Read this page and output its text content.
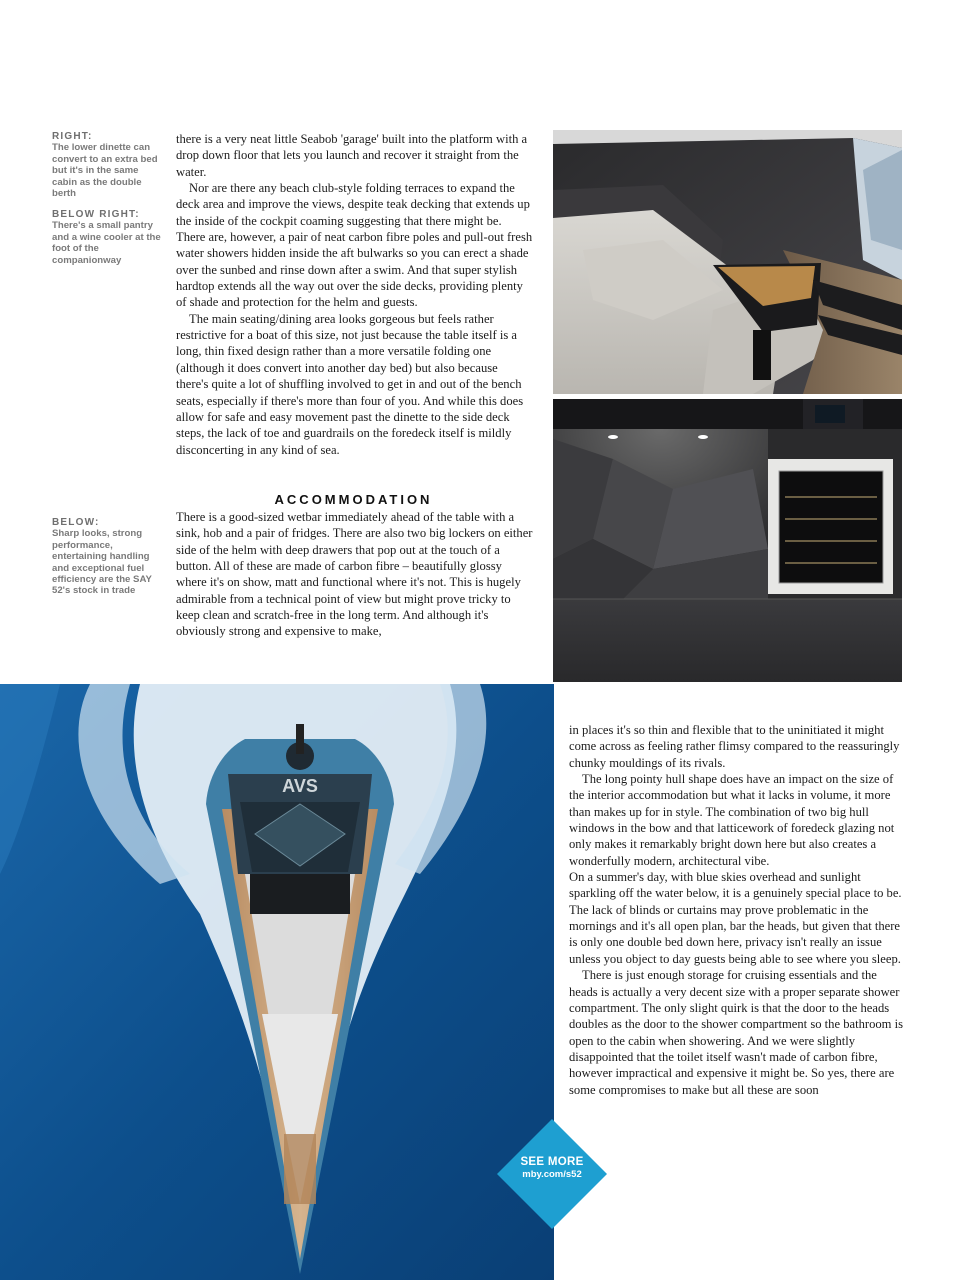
RIGHT:
The lower dinette can convert to an extra bed but it's in the same cabin as the double berth
BELOW RIGHT:
There's a small pantry and a wine cooler at the foot of the companionway
BELOW:
Sharp looks, strong performance, entertaining handling and exceptional fuel efficiency are the SAY 52's stock in trade

there is a very neat little Seabob 'garage' built into the platform with a drop down floor that lets you launch and recover it straight from the water.

Nor are there any beach club-style folding terraces to expand the deck area and improve the views, despite teak decking that extends up the inside of the cockpit coaming suggesting that there might be. There are, however, a pair of neat carbon fibre poles and pull-out fresh water showers hidden inside the aft bulwarks so you can erect a shade over the sunbed and rinse down after a swim. And that super stylish hardtop extends all the way out over the side decks, providing plenty of shade and protection for the helm and guests.

The main seating/dining area looks gorgeous but feels rather restrictive for a boat of this size, not just because the table itself is a long, thin fixed design rather than a more versatile folding one (although it does convert into another day bed) but also because there's quite a lot of shuffling involved to get in and out of the bench seats, especially if there's more than four of you. And while this does allow for safe and easy movement past the dinette to the side deck steps, the lack of toe and guardrails on the foredeck itself is mildly disconcerting in any kind of sea.

ACCOMMODATION

There is a good-sized wetbar immediately ahead of the table with a sink, hob and a pair of fridges. There are also two big lockers on either side of the helm with deep drawers that pop out at the touch of a button. All of these are made of carbon fibre – beautifully glossy where it's on show, matt and functional where it's not. This is hugely admirable from a technical point of view but might prove tricky to keep clean and scratch-free in the long term. And although it's obviously strong and expensive to make,

in places it's so thin and flexible that to the uninitiated it might come across as feeling rather flimsy compared to the reassuringly chunky mouldings of its rivals.

The long pointy hull shape does have an impact on the size of the interior accommodation but what it lacks in volume, it more than makes up for in style. The combination of two big hull windows in the bow and that latticework of foredeck glazing not only makes it remarkably bright down here but also creates a wonderfully modern, architectural vibe.

On a summer's day, with blue skies overhead and sunlight sparkling off the water below, it is a genuinely special place to be. The lack of blinds or curtains may prove problematic in the mornings and it's all open plan, bar the heads, but given that there is only one double bed down here, privacy isn't really an issue unless you object to day guests being able to see where you sleep.

There is just enough storage for cruising essentials and the heads is actually a very decent size with a proper separate shower compartment. The only slight quirk is that the door to the heads doubles as the door to the shower compartment so the bathroom is open to the cabin when showering. And we were slightly disappointed that the toilet itself wasn't made of carbon fibre, however impractical and expensive it might be. So yes, there are some compromises to make but all these are soon

AVS
SEE MORE
mby.com/s52
